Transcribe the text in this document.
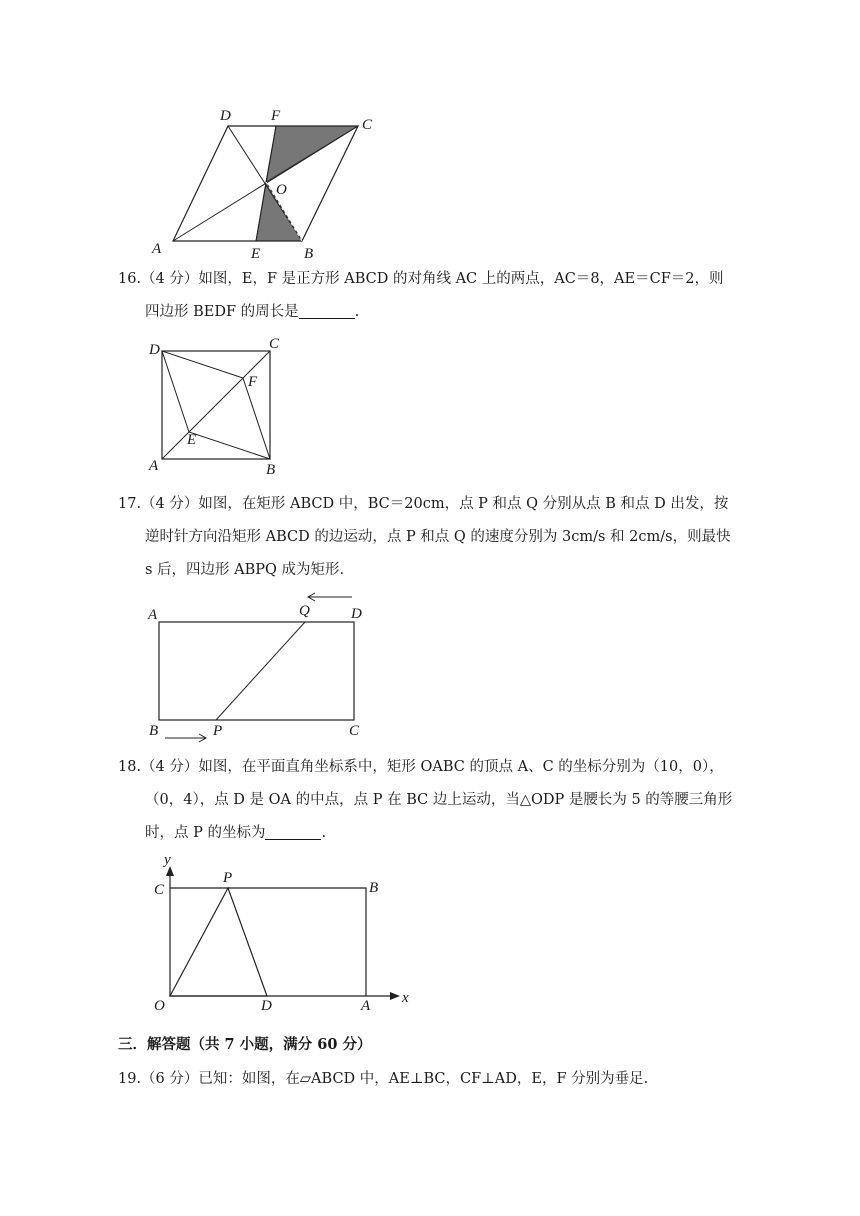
D	F
C
O
A	E	B

16.（4 分）如图，E，F 是正方形 ABCD 的对角线 AC 上的两点，AC＝8，AE＝CF＝2，则

四边形 BEDF 的周长是	.

D	C
F
E
A	B

17.（4 分）如图，在矩形 ABCD 中，BC＝20cm，点 P 和点 Q 分别从点 B 和点 D 出发，按

逆时针方向沿矩形 ABCD 的边运动，点 P 和点 Q 的速度分别为 3cm/s 和 2cm/s，则最快

s 后，四边形 ABPQ 成为矩形.

A	Q	D
B	P	C

18.（4 分）如图，在平面直角坐标系中，矩形 OABC 的顶点 A、C 的坐标分别为（10，0），

（0，4），点 D 是 OA 的中点，点 P 在 BC 边上运动，当△ODP 是腰长为 5 的等腰三角形

时，点 P 的坐标为	.

y
C
P
B
O	D	A x
三．解答题（共 7 小题，满分 60 分）

19.（6 分）已知：如图，在▱ABCD 中，AE⊥BC，CF⊥AD，E，F 分别为垂足.
